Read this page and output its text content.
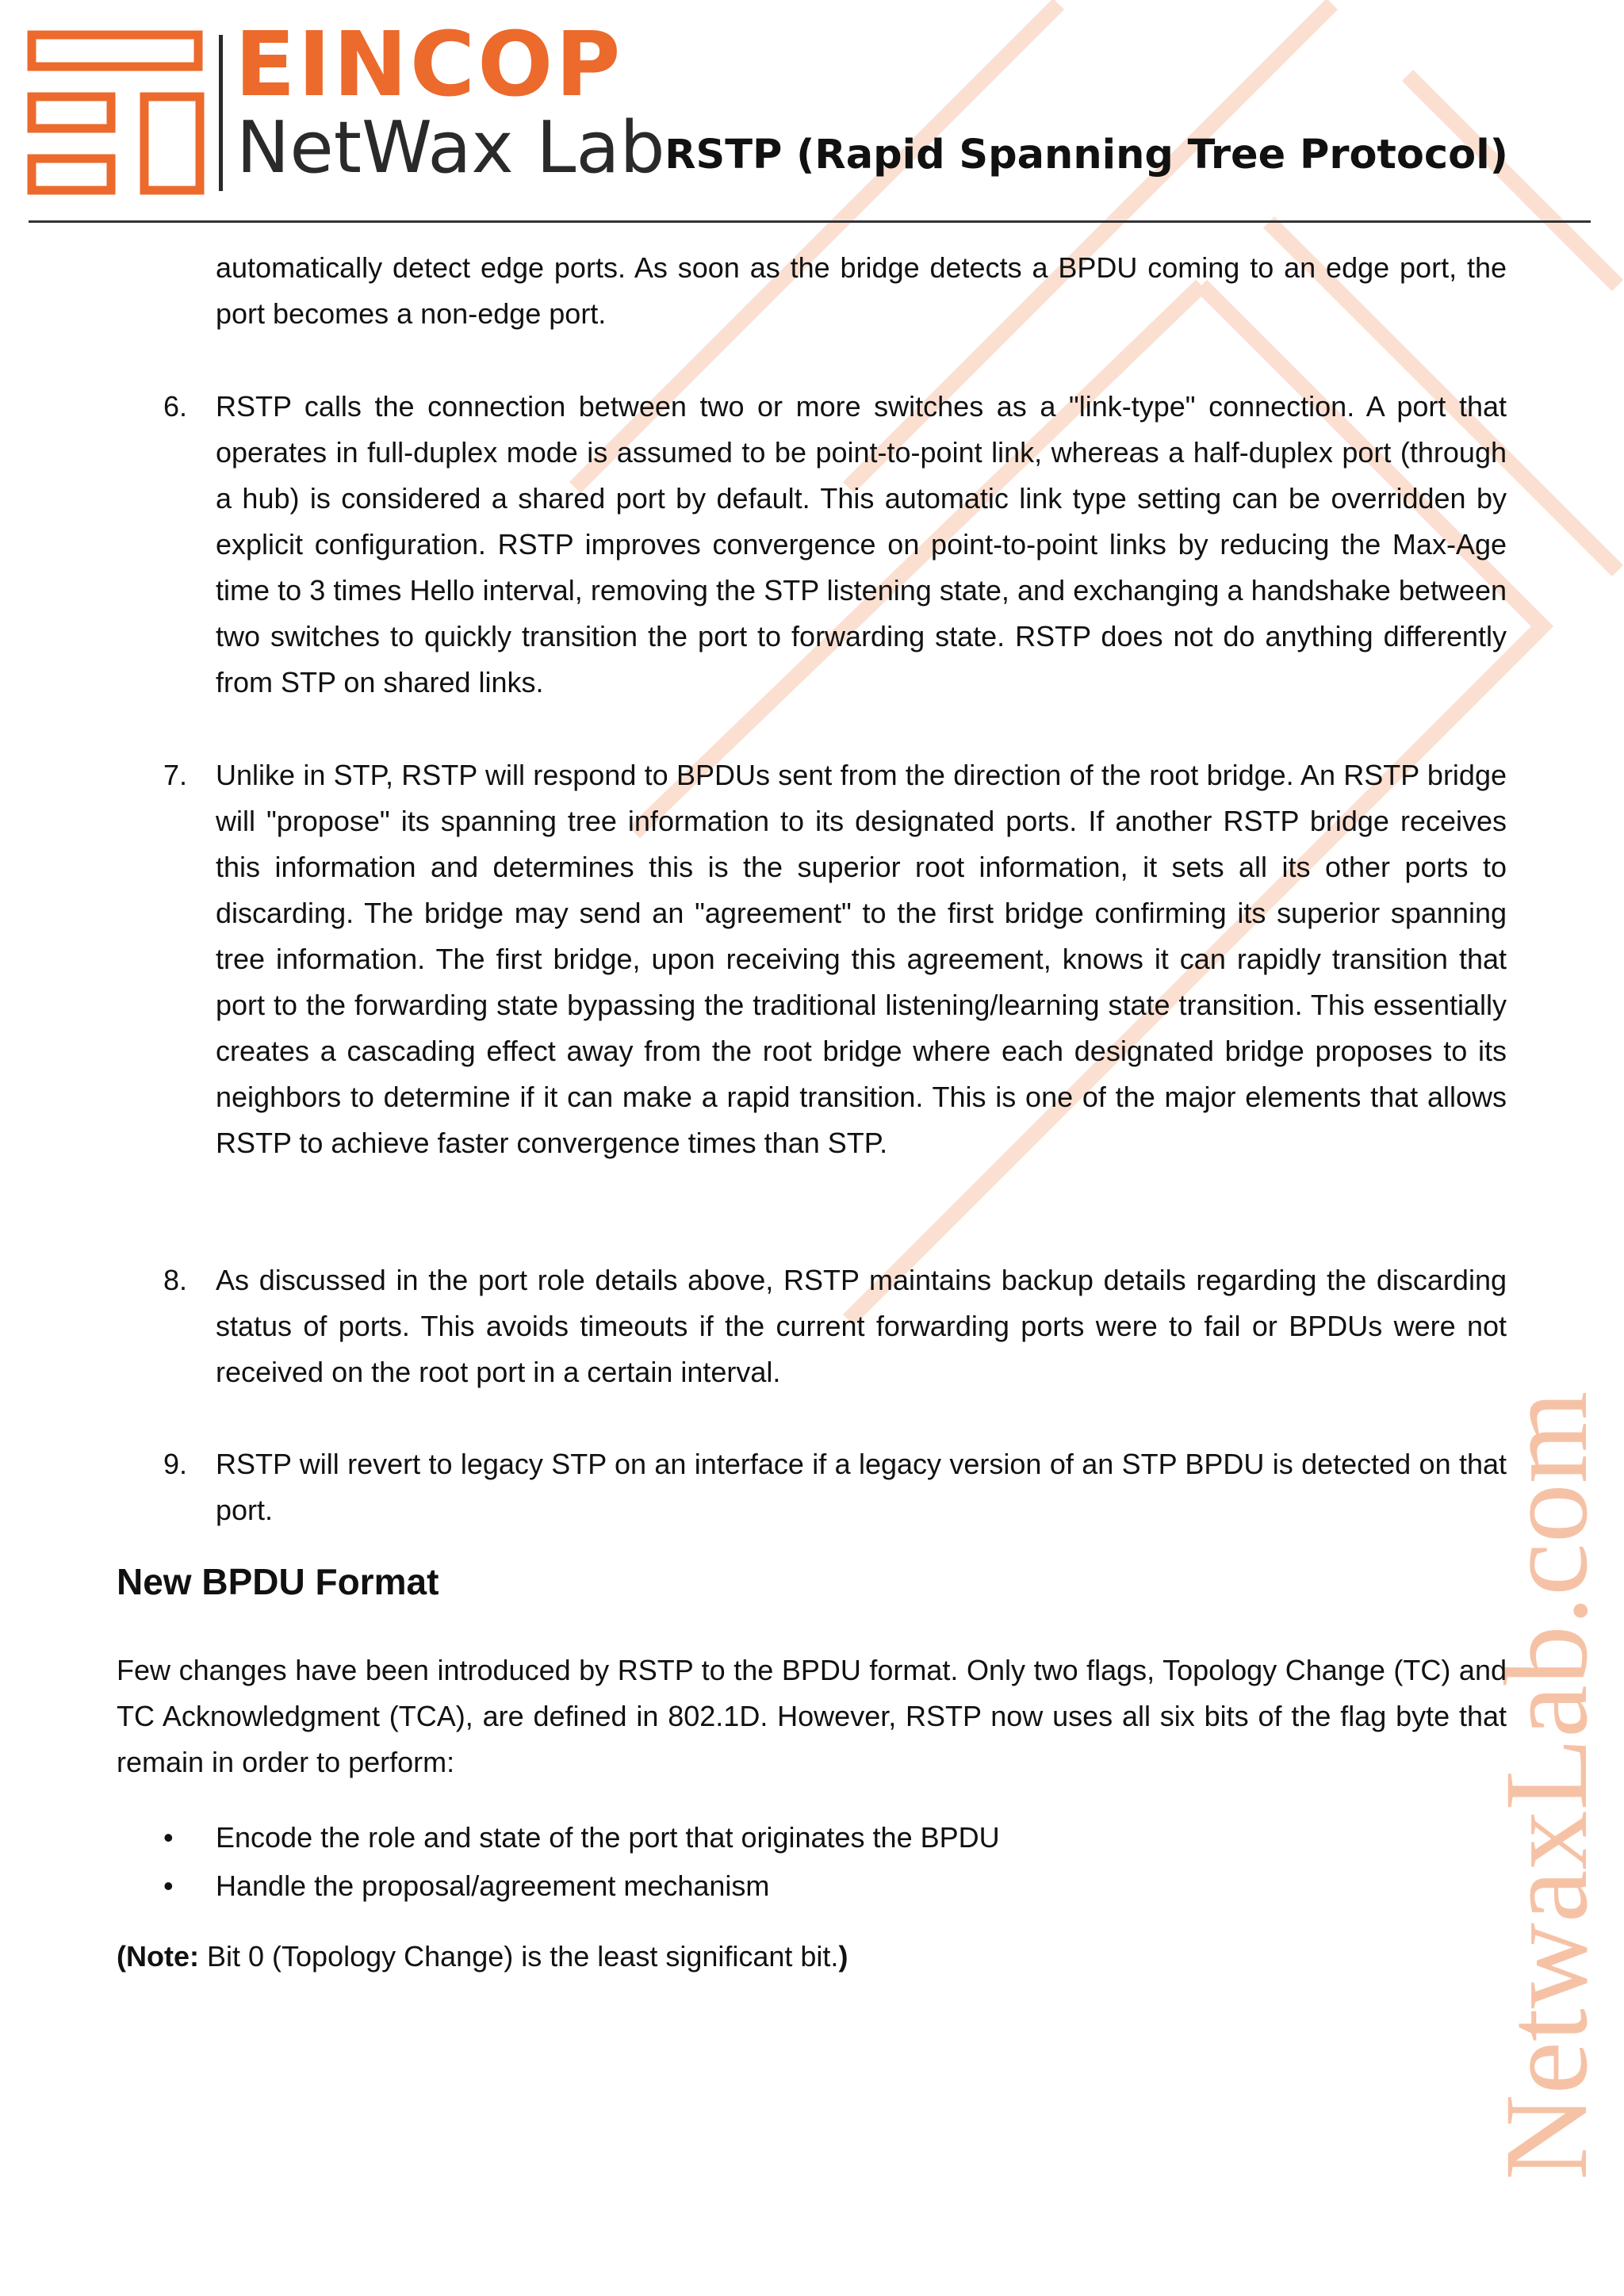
EINCOP
NetWax Lab RSTP (Rapid Spanning Tree Protocol)
NetwaxLab.com

automatically detect edge ports. As soon as the bridge detects a BPDU coming to an edge port, the port becomes a non-edge port.

6. RSTP calls the connection between two or more switches as a "link-type" connection. A port that operates in full-duplex mode is assumed to be point-to-point link, whereas a half-duplex port (through a hub) is considered a shared port by default. This automatic link type setting can be overridden by explicit configuration. RSTP improves convergence on point-to-point links by reducing the Max-Age time to 3 times Hello interval, removing the STP listening state, and exchanging a handshake between two switches to quickly transition the port to forwarding state. RSTP does not do anything differently from STP on shared links.

7. Unlike in STP, RSTP will respond to BPDUs sent from the direction of the root bridge. An RSTP bridge will "propose" its spanning tree information to its designated ports. If another RSTP bridge receives this information and determines this is the superior root information, it sets all its other ports to discarding. The bridge may send an "agreement" to the first bridge confirming its superior spanning tree information. The first bridge, upon receiving this agreement, knows it can rapidly transition that port to the forwarding state bypassing the traditional listening/learning state transition. This essentially creates a cascading effect away from the root bridge where each designated bridge proposes to its neighbors to determine if it can make a rapid transition. This is one of the major elements that allows RSTP to achieve faster convergence times than STP.

8. As discussed in the port role details above, RSTP maintains backup details regarding the discarding status of ports. This avoids timeouts if the current forwarding ports were to fail or BPDUs were not received on the root port in a certain interval.

9. RSTP will revert to legacy STP on an interface if a legacy version of an STP BPDU is detected on that port.

New BPDU Format

Few changes have been introduced by RSTP to the BPDU format. Only two flags, Topology Change (TC) and TC Acknowledgment (TCA), are defined in 802.1D. However, RSTP now uses all six bits of the flag byte that remain in order to perform:

• Encode the role and state of the port that originates the BPDU
• Handle the proposal/agreement mechanism
(Note: Bit 0 (Topology Change) is the least significant bit.)
